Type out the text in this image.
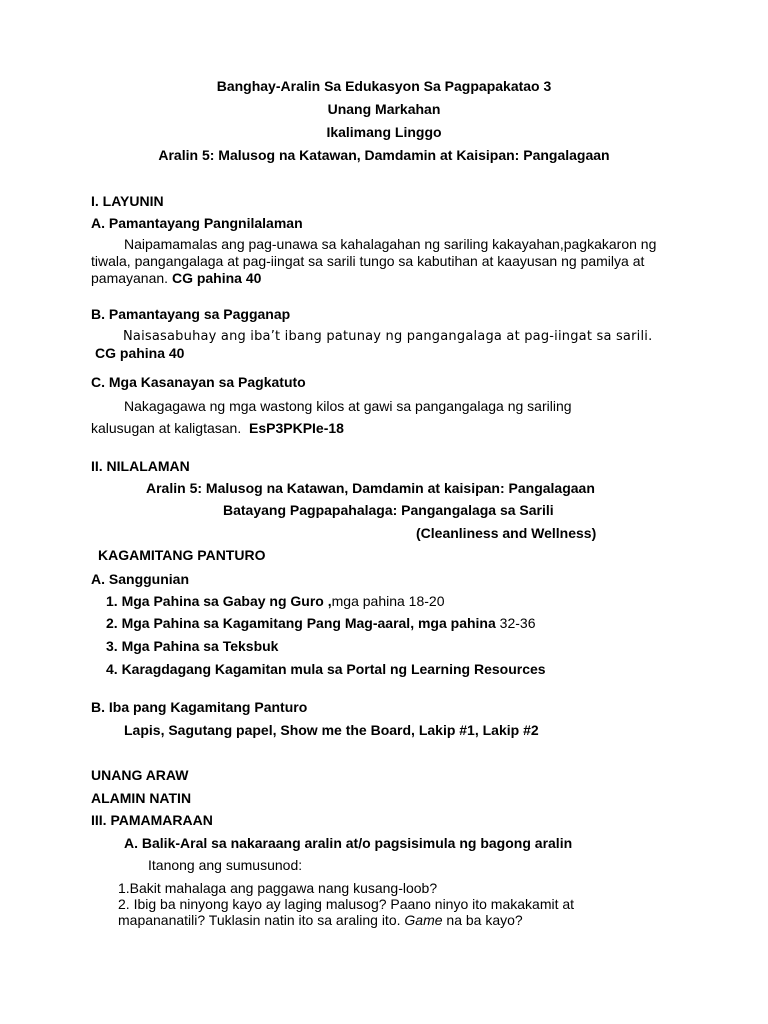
Banghay-Aralin Sa Edukasyon Sa Pagpapakatao 3
Unang Markahan
Ikalimang Linggo
Aralin 5: Malusog na Katawan, Damdamin at Kaisipan: Pangalagaan
I. LAYUNIN
A. Pamantayang Pangnilalaman
Naipamamalas ang pag-unawa sa kahalagahan ng sariling kakayahan,pagkakaron ng tiwala, pangangalaga at pag-iingat sa sarili tungo sa kabutihan at kaayusan ng pamilya at pamayanan. CG pahina 40
B. Pamantayang sa Pagganap
Naisasabuhay ang iba’t ibang patunay ng pangangalaga at pag-iingat sa sarili.
CG pahina 40
C. Mga Kasanayan sa Pagkatuto
Nakagagawa ng mga wastong kilos at gawi sa pangangalaga ng sariling
kalusugan at kaligtasan. EsP3PKPIe-18
II. NILALAMAN
Aralin 5: Malusog na Katawan, Damdamin at kaisipan: Pangalagaan
Batayang Pagpapahalaga: Pangangalaga sa Sarili
(Cleanliness and Wellness)
KAGAMITANG PANTURO
A. Sanggunian
1. Mga Pahina sa Gabay ng Guro ,mga pahina 18-20
2. Mga Pahina sa Kagamitang Pang Mag-aaral, mga pahina 32-36
3. Mga Pahina sa Teksbuk
4. Karagdagang Kagamitan mula sa Portal ng Learning Resources
B. Iba pang Kagamitang Panturo
Lapis, Sagutang papel, Show me the Board, Lakip #1, Lakip #2
UNANG ARAW
ALAMIN NATIN
III. PAMAMARAAN
A. Balik-Aral sa nakaraang aralin at/o pagsisimula ng bagong aralin
Itanong ang sumusunod:
1.Bakit mahalaga ang paggawa nang kusang-loob?
2. Ibig ba ninyong kayo ay laging malusog? Paano ninyo ito makakamit at
mapananatili? Tuklasin natin ito sa araling ito. Game na ba kayo?
